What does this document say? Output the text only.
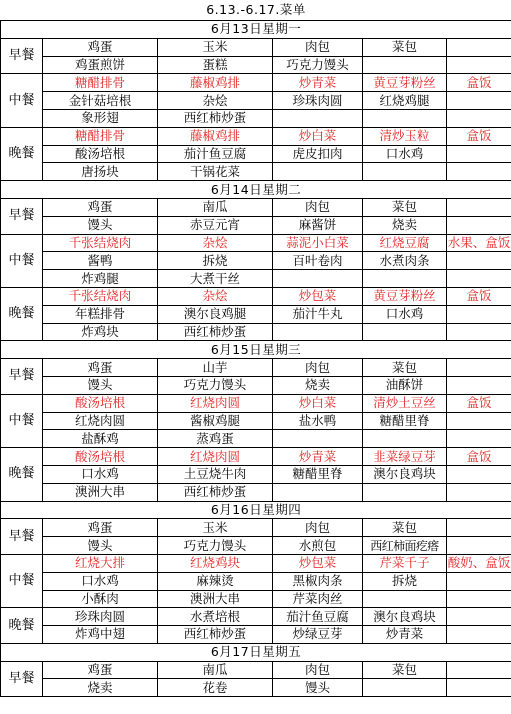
6.13.-6.17.菜单					
6月13日星期一					
早餐	鸡蛋	玉米	肉包	菜包	
	鸡蛋煎饼	蛋糕	巧克力馒头		
中餐	糖醋排骨	藤椒鸡排	炒青菜	黄豆芽粉丝	盒饭
	金针菇培根	杂烩	珍珠肉圆	红烧鸡腿	
	象形翅	西红柿炒蛋			
晚餐	糖醋排骨	藤椒鸡排	炒白菜	清炒玉粒	盒饭
	酸汤培根	茄汁鱼豆腐	虎皮扣肉	口水鸡	
	唐扬块	干锅花菜			
6月14日星期二					
早餐	鸡蛋	南瓜	肉包	菜包	
	馒头	赤豆元宵	麻酱饼	烧卖	
中餐	千张结烧肉	杂烩	蒜泥小白菜	红烧豆腐	水果、盒饭
	酱鸭	拆烧	百叶卷肉	水煮肉条	
	炸鸡腿	大煮干丝			
晚餐	千张结烧肉	杂烩	炒包菜	黄豆芽粉丝	盒饭
	年糕排骨	澳尔良鸡腿	茄汁牛丸	口水鸡	
	炸鸡块	西红柿炒蛋			
6月15日星期三					
早餐	鸡蛋	山芋	肉包	菜包	
	馒头	巧克力馒头	烧卖	油酥饼	
中餐	酸汤培根	红烧肉圆	炒白菜	清炒土豆丝	盒饭
	红烧肉圆	酱椒鸡腿	盐水鸭	糖醋里脊	
	盐酥鸡	蒸鸡蛋			
晚餐	酸汤培根	红烧肉圆	炒青菜	韭菜绿豆芽	盒饭
	口水鸡	土豆烧牛肉	糖醋里脊	澳尔良鸡块	
	澳洲大串	西红柿炒蛋			
6月16日星期四					
早餐	鸡蛋	玉米	肉包	菜包	
	馒头	巧克力馒头	水煎包	西红柿面疙瘩	
中餐	红烧大排	红烧鸡块	炒包菜	芹菜千子	酸奶、盒饭
	口水鸡	麻辣烫	黑椒肉条	拆烧	
	小酥肉	澳洲大串	芹菜肉丝		
晚餐	珍珠肉圆	水煮培根	茄汁鱼豆腐	澳尔良鸡块	
	炸鸡中翅	西红柿炒蛋	炒绿豆芽	炒青菜	
6月17日星期五					
早餐	鸡蛋	南瓜	肉包	菜包	
	烧卖	花卷	馒头		
